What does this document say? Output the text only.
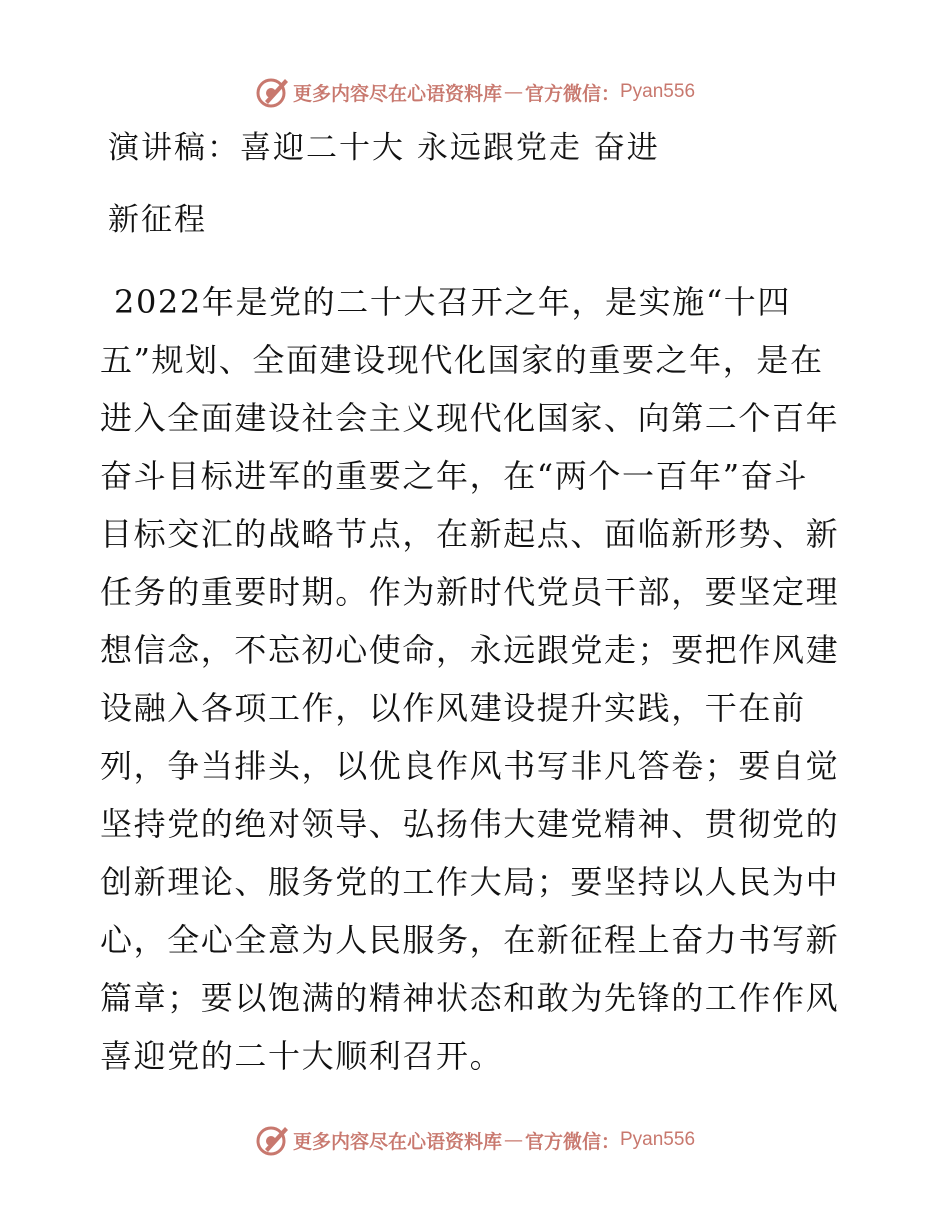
更多内容尽在心语资料库 — 官方微信： Pyan556
演讲稿：喜迎二十大 永远跟党走 奋进
新征程
2022年是党的二十大召开之年，是实施“十四
五”规划、全面建设现代化国家的重要之年，是在
进入全面建设社会主义现代化国家、向第二个百年
奋斗目标进军的重要之年，在“两个一百年”奋斗
目标交汇的战略节点，在新起点、面临新形势、新
任务的重要时期。作为新时代党员干部，要坚定理
想信念，不忘初心使命，永远跟党走；要把作风建
设融入各项工作，以作风建设提升实践，干在前
列，争当排头，以优良作风书写非凡答卷；要自觉
坚持党的绝对领导、弘扬伟大建党精神、贯彻党的
创新理论、服务党的工作大局；要坚持以人民为中
心，全心全意为人民服务，在新征程上奋力书写新
篇章；要以饱满的精神状态和敢为先锋的工作作风
喜迎党的二十大顺利召开。
更多内容尽在心语资料库 — 官方微信： Pyan556
